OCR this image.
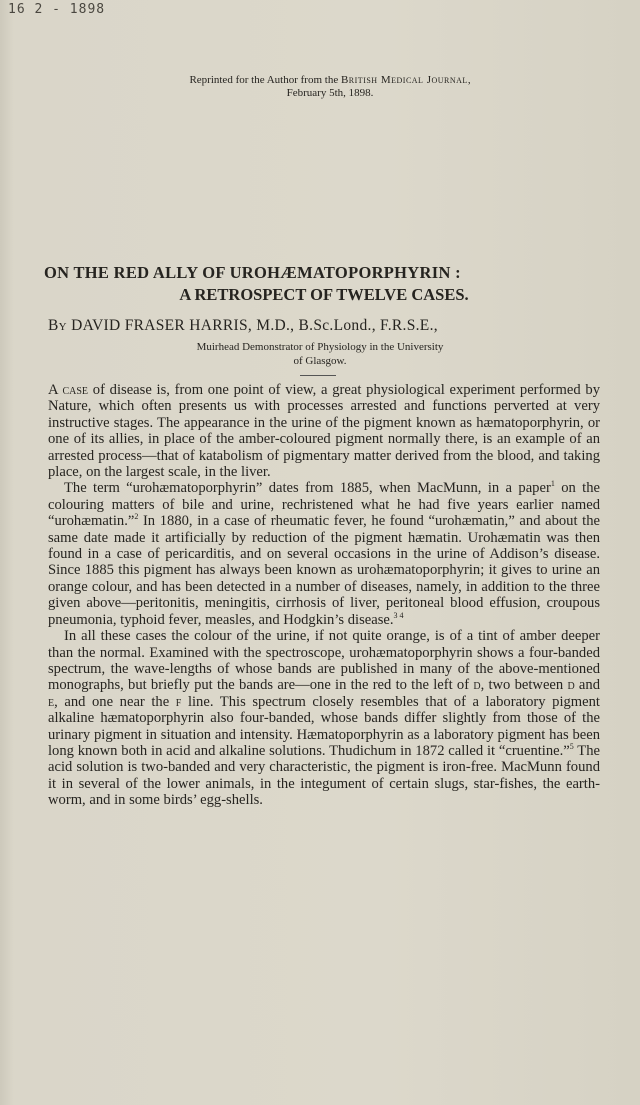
16 2 - 1898
Reprinted for the Author from the British Medical Journal,
February 5th, 1898.
ON THE RED ALLY OF UROHÆMATOPORPHYRIN :
A RETROSPECT OF TWELVE CASES.
By DAVID FRASER HARRIS, M.D., B.Sc.Lond., F.R.S.E.,
Muirhead Demonstrator of Physiology in the University
of Glasgow.

A case of disease is, from one point of view, a great physiological experiment performed by Nature, which often presents us with processes arrested and functions perverted at very instructive stages. The appearance in the urine of the pigment known as hæmatoporphyrin, or one of its allies, in place of the amber-coloured pigment normally there, is an example of an arrested process—that of katabolism of pigmentary matter derived from the blood, and taking place, on the largest scale, in the liver.

The term “urohæmatoporphyrin” dates from 1885, when MacMunn, in a paper$^1$ on the colouring matters of bile and urine, rechristened what he had five years earlier named “urohæmatin.”$^2$ In 1880, in a case of rheumatic fever, he found “urohæmatin,” and about the same date made it artificially by reduction of the pigment hæmatin. Urohæmatin was then found in a case of pericarditis, and on several occasions in the urine of Addison’s disease. Since 1885 this pigment has always been known as urohæmatoporphyrin; it gives to urine an orange colour, and has been detected in a number of diseases, namely, in addition to the three given above—peritonitis, meningitis, cirrhosis of liver, peritoneal blood effusion, croupous pneumonia, typhoid fever, measles, and Hodgkin’s disease.$^{3 4}$

In all these cases the colour of the urine, if not quite orange, is of a tint of amber deeper than the normal. Examined with the spectroscope, urohæmatoporphyrin shows a four-banded spectrum, the wave-lengths of whose bands are published in many of the above-mentioned monographs, but briefly put the bands are—one in the red to the left of d, two between d and e, and one near the f line. This spectrum closely resembles that of a laboratory pigment alkaline hæmatoporphyrin also four-banded, whose bands differ slightly from those of the urinary pigment in situation and intensity. Hæmatoporphyrin as a laboratory pigment has been long known both in acid and alkaline solutions. Thudichum in 1872 called it “cruentine.”$^5$ The acid solution is two-banded and very characteristic, the pigment is iron-free. MacMunn found it in several of the lower animals, in the integument of certain slugs, star-fishes, the earth-worm, and in some birds’ egg-shells.
